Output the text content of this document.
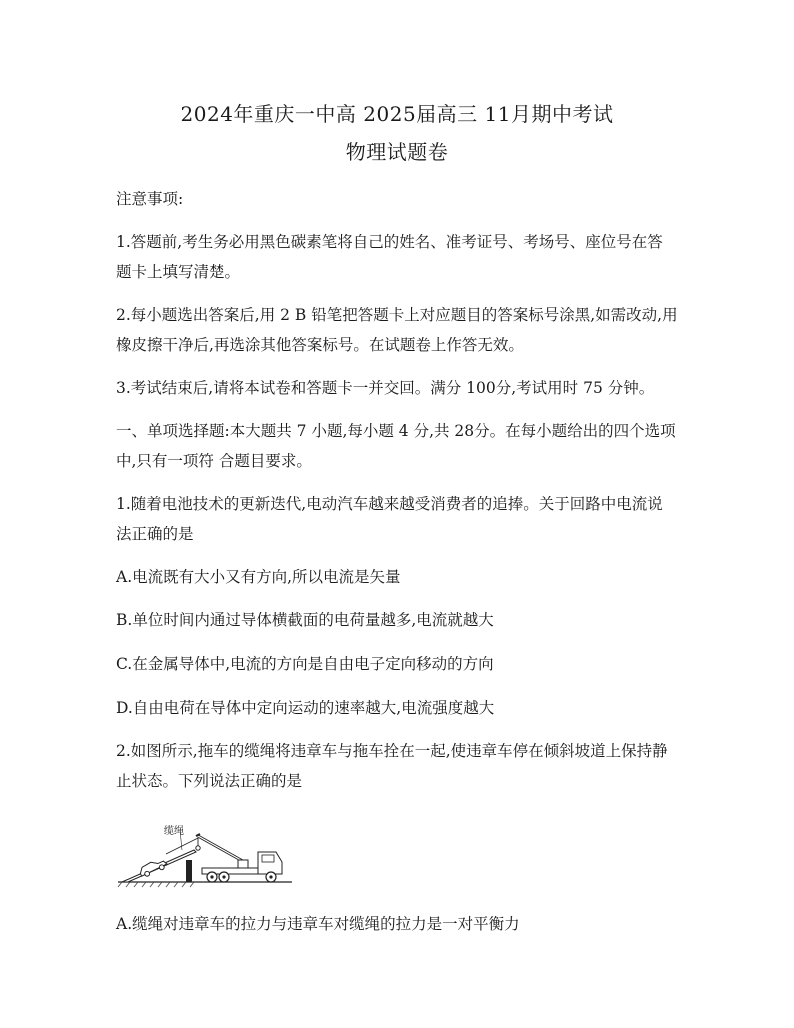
2024年重庆一中高 2025届高三 11月期中考试
物理试题卷
注意事项:
1.答题前,考生务必用黑色碳素笔将自己的姓名、准考证号、考场号、座位号在答
题卡上填写清楚。
2.每小题选出答案后,用 2 B 铅笔把答题卡上对应题目的答案标号涂黑,如需改动,用
橡皮擦干净后,再选涂其他答案标号。在试题卷上作答无效。
3.考试结束后,请将本试卷和答题卡一并交回。满分 100分,考试用时 75 分钟。
一、单项选择题:本大题共 7 小题,每小题 4 分,共 28分。在每小题给出的四个选项
中,只有一项符 合题目要求。
1.随着电池技术的更新迭代,电动汽车越来越受消费者的追捧。关于回路中电流说
法正确的是
A.电流既有大小又有方向,所以电流是矢量
B.单位时间内通过导体横截面的电荷量越多,电流就越大
C.在金属导体中,电流的方向是自由电子定向移动的方向
D.自由电荷在导体中定向运动的速率越大,电流强度越大
2.如图所示,拖车的缆绳将违章车与拖车拴在一起,使违章车停在倾斜坡道上保持静
止状态。下列说法正确的是
缆绳
A.缆绳对违章车的拉力与违章车对缆绳的拉力是一对平衡力
